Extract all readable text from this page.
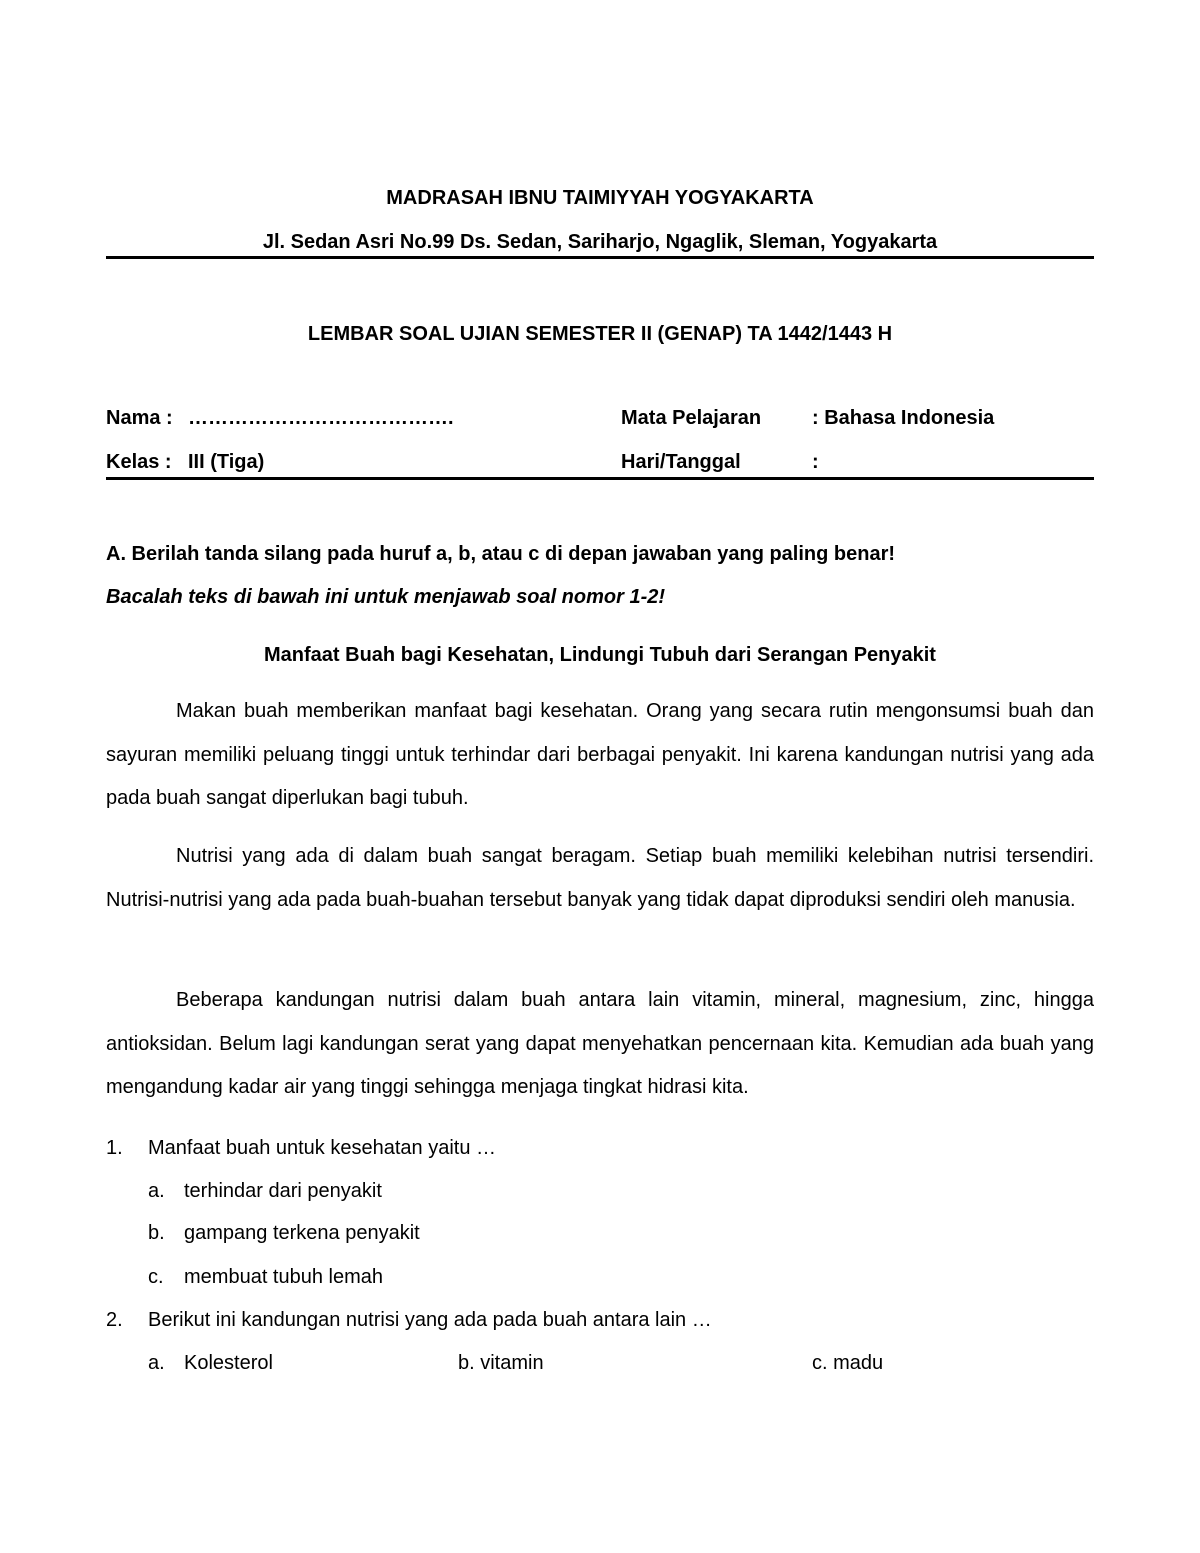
MADRASAH IBNU TAIMIYYAH YOGYAKARTA
Jl. Sedan Asri No.99 Ds. Sedan, Sariharjo, Ngaglik, Sleman, Yogyakarta
LEMBAR SOAL UJIAN SEMESTER II (GENAP) TA 1442/1443 H
Nama : ………………………………….	Mata Pelajaran	: Bahasa Indonesia
Kelas : III (Tiga)	Hari/Tanggal	:
A. Berilah tanda silang pada huruf a, b, atau c di depan jawaban yang paling benar!
Bacalah teks di bawah ini untuk menjawab soal nomor 1-2!
Manfaat Buah bagi Kesehatan, Lindungi Tubuh dari Serangan Penyakit
Makan buah memberikan manfaat bagi kesehatan. Orang yang secara rutin mengonsumsi buah dan sayuran memiliki peluang tinggi untuk terhindar dari berbagai penyakit. Ini karena kandungan nutrisi yang ada pada buah sangat diperlukan bagi tubuh.
Nutrisi yang ada di dalam buah sangat beragam. Setiap buah memiliki kelebihan nutrisi tersendiri. Nutrisi-nutrisi yang ada pada buah-buahan tersebut banyak yang tidak dapat diproduksi sendiri oleh manusia.
Beberapa kandungan nutrisi dalam buah antara lain vitamin, mineral, magnesium, zinc, hingga antioksidan. Belum lagi kandungan serat yang dapat menyehatkan pencernaan kita. Kemudian ada buah yang mengandung kadar air yang tinggi sehingga menjaga tingkat hidrasi kita.
1. Manfaat buah untuk kesehatan yaitu …
a. terhindar dari penyakit
b. gampang terkena penyakit
c. membuat tubuh lemah
2. Berikut ini kandungan nutrisi yang ada pada buah antara lain …
a. Kolesterol	b. vitamin	c. madu
